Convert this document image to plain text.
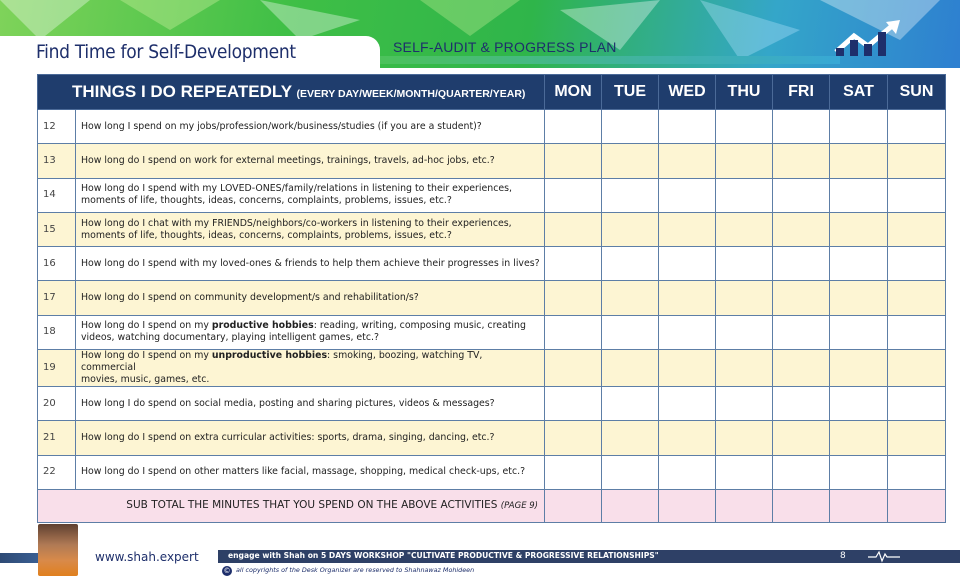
Find Time for Self-Development	SELF-AUDIT & PROGRESS PLAN
THINGS I DO REPEATEDLY (EVERY DAY/WEEK/MONTH/QUARTER/YEAR)		MON	TUE	WED	THU	FRI	SAT	SUN
12	How long I spend on my jobs/profession/work/business/studies (if you are a student)?							
13	How long do I spend on work for external meetings, trainings, travels, ad-hoc jobs, etc.?							
14	How long do I spend with my LOVED-ONES/family/relations in listening to their experiences,
moments of life, thoughts, ideas, concerns, complaints, problems, issues, etc.?							
15	How long do I chat with my FRIENDS/neighbors/co-workers in listening to their experiences,
moments of life, thoughts, ideas, concerns, complaints, problems, issues, etc.?							
16	How long do I spend with my loved-ones & friends to help them achieve their progresses in lives?							
17	How long do I spend on community development/s and rehabilitation/s?							
18	How long do I spend on my productive hobbies: reading, writing, composing music, creating
videos, watching documentary, playing intelligent games, etc.?							
19	How long do I spend on my unproductive hobbies: smoking, boozing, watching TV, commercial
movies, music, games, etc.							
20	How long I do spend on social media, posting and sharing pictures, videos & messages?							
21	How long do I spend on extra curricular activities: sports, drama, singing, dancing, etc.?							
22	How long do I spend on other matters like facial, massage, shopping, medical check-ups, etc.?							
SUB TOTAL THE MINUTES THAT YOU SPEND ON THE ABOVE ACTIVITIES (PAGE 9)								
www.shah.expert	engage with Shah on 5 DAYS WORKSHOP "CULTIVATE PRODUCTIVE & PROGRESSIVE RELATIONSHIPS"	8
© all copyrights of the Desk Organizer are reserved to Shahnawaz Mohideen
